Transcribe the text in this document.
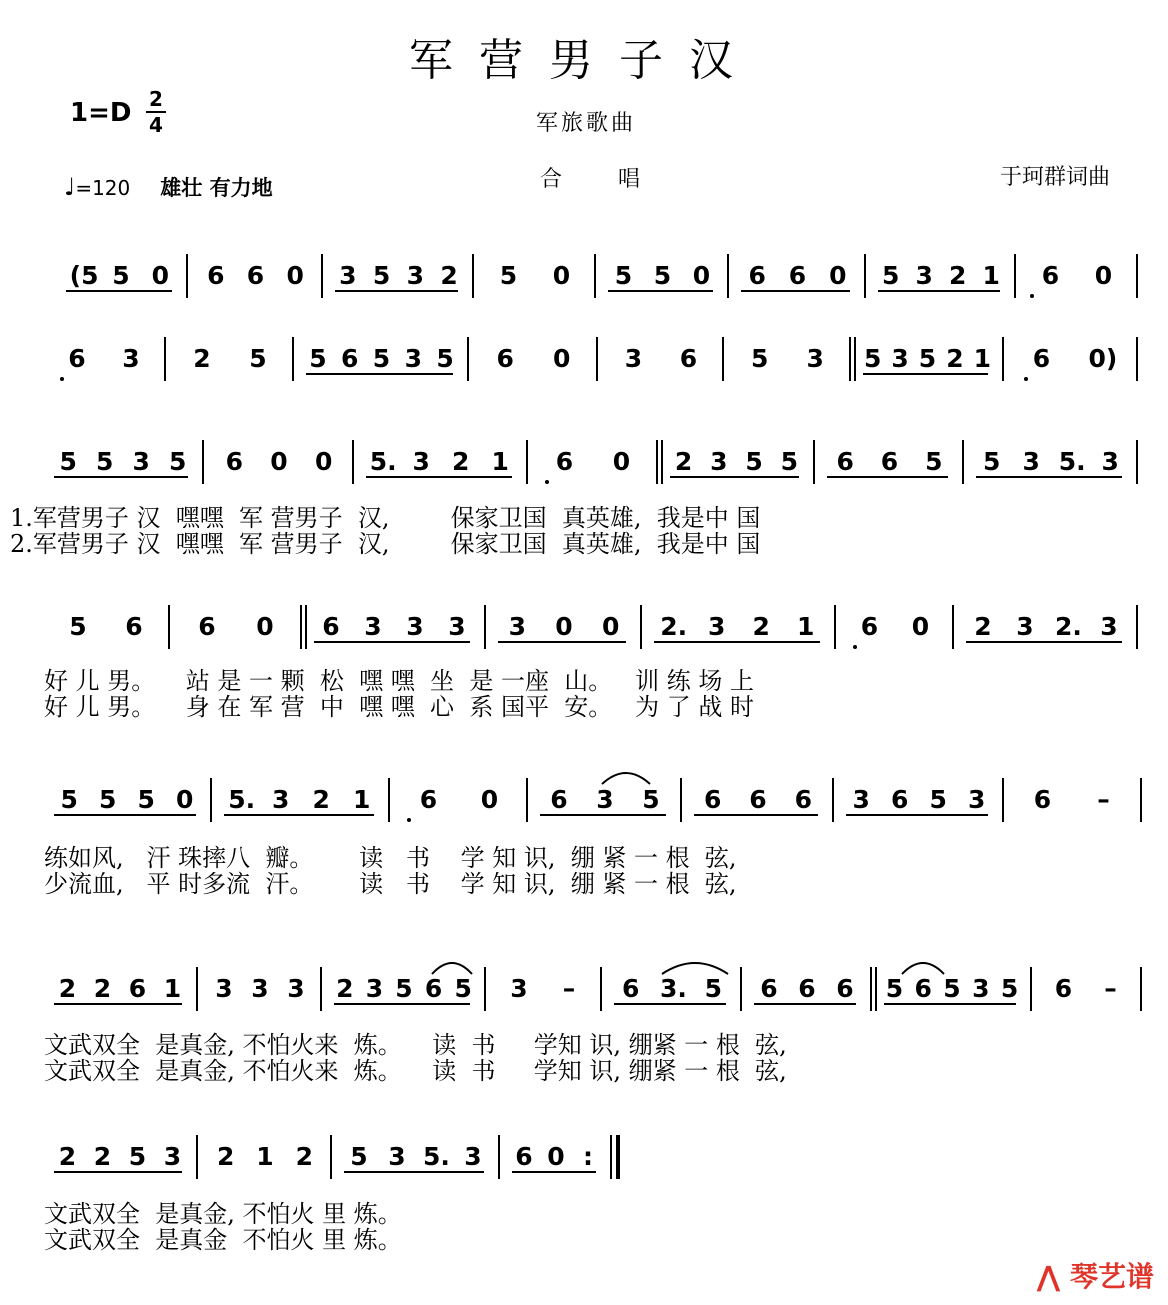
军营男子汉
1=D 2
4	军旅歌曲
♩=120 雄壮 有力地	合唱	于珂群词曲
(5 5 0 6 6 0 3 5 3 2 5 0 5 5 0 6 6 0 5 3 2 1 6 0
6 3 2 5 5 6 5 3 5 6 0 3 6 5 3 5 3 5 2 1 6 0)
5 5 3 5 6 0 0 5. 3 2 1 6 0 2 3 5 5 6 6 5 5 3 5. 3
5 6 6 0 6 3 3 3 3 0 0 2. 3 2 1 6 0 2 3 2. 3
5 5 5 0 5. 3 2 1 6 0 6 3 5 6 6 6 3 6 5 3 6 –
2 2 6 1 3 3 3 2 3 5 6 5 3 – 6 3. 5 6 6 6 5 6 5 3 5 6 –
2 2 5 3 2 1 2 5 3 5. 3 6 0 :
1.军营男子 汉  嘿嘿  军 营男子  汉,        保家卫国  真英雄,  我是中 国
2.军营男子 汉  嘿嘿  军 营男子  汉,        保家卫国  真英雄,  我是中 国
好 儿 男。    站 是 一 颗  松  嘿 嘿  坐  是 一座  山。   训 练 场 上
好 儿 男。    身 在 军 营  中  嘿 嘿  心  系 国平  安。   为 了 战 时
练如风,   汗 珠摔八  瓣。      读   书    学 知 识,  绷 紧 一 根  弦,
少流血,   平 时多流  汗。      读   书    学 知 识,  绷 紧 一 根  弦,
文武双全  是真金, 不怕火来  炼。    读  书     学知 识, 绷紧 一 根  弦,
文武双全  是真金, 不怕火来  炼。    读  书     学知 识, 绷紧 一 根  弦,
文武双全  是真金, 不怕火 里 炼。
文武双全  是真金  不怕火 里 炼。
⋀ 琴艺谱
